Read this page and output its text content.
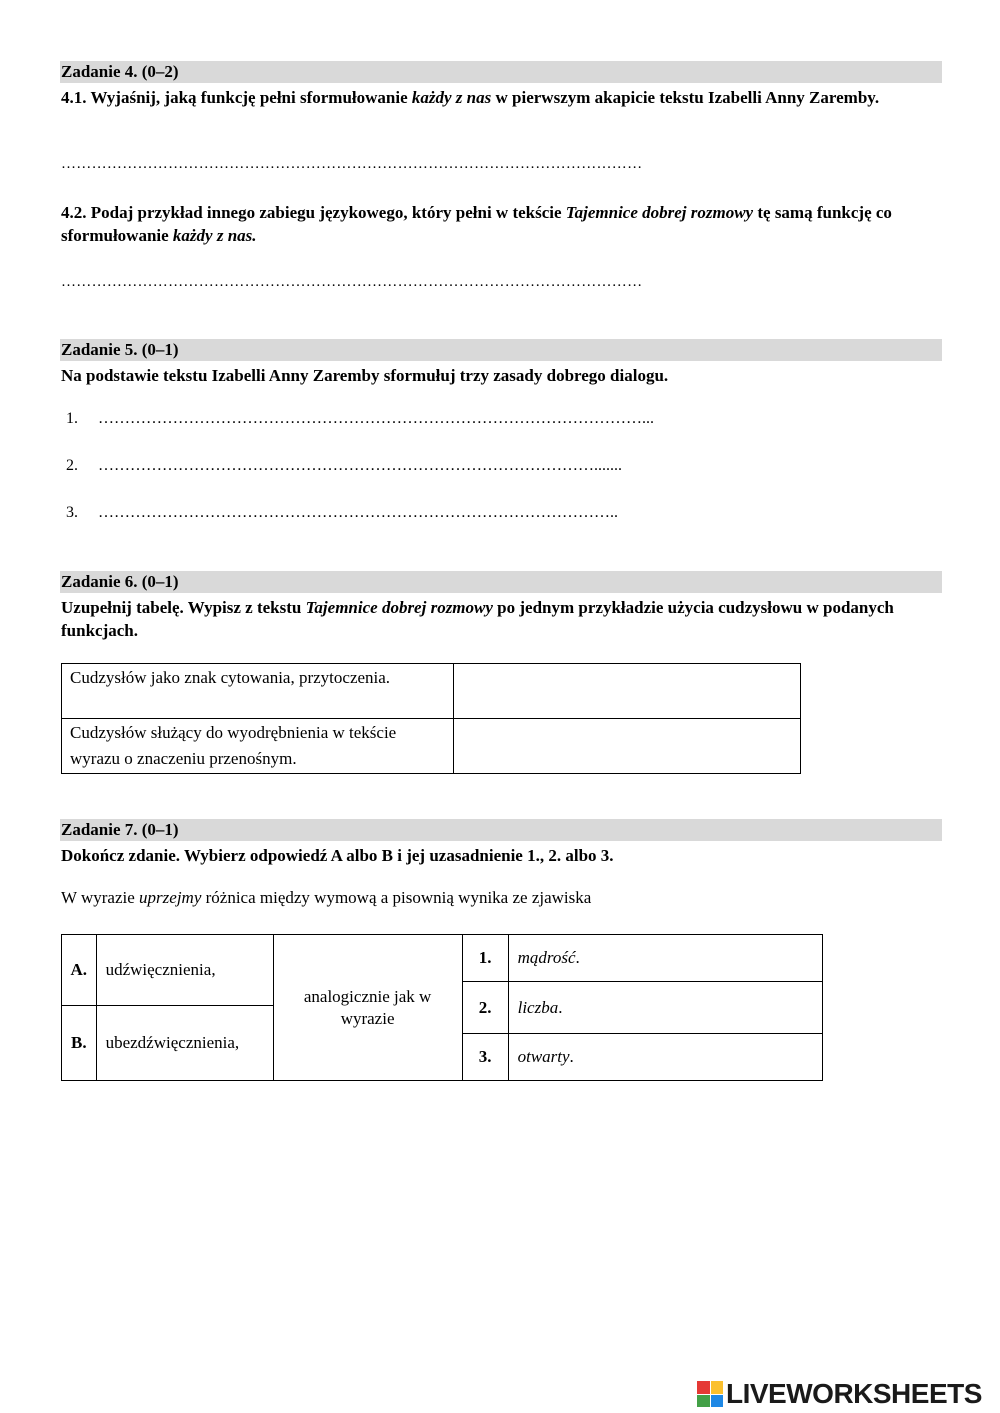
Zadanie 4. (0–2)
4.1. Wyjaśnij, jaką funkcję pełni sformułowanie każdy z nas w pierwszym akapicie tekstu Izabelli Anny Zaremby.
……………………………………………………………………………………………………
4.2. Podaj przykład innego zabiegu językowego, który pełni w tekście Tajemnice dobrej rozmowy tę samą funkcję co sformułowanie każdy z nas.
……………………………………………………………………………………………………
Zadanie 5. (0–1)
Na podstawie tekstu Izabelli Anny Zaremby sformułuj trzy zasady dobrego dialogu.
1. …………………………………………………………………………………………...
2. ………………………………………………………………………………….......
3. ……………………………………………………………………………………..
Zadanie 6. (0–1)
Uzupełnij tabelę. Wypisz z tekstu Tajemnice dobrej rozmowy po jednym przykładzie użycia cudzysłowu w podanych funkcjach.
Cudzysłów jako znak cytowania, przytoczenia.	
Cudzysłów służący do wyodrębnienia w tekście wyrazu o znaczeniu przenośnym.	
Zadanie 7. (0–1)
Dokończ zdanie. Wybierz odpowiedź A albo B i jej uzasadnienie 1., 2. albo 3.
W wyrazie uprzejmy różnica między wymową a pisownią wynika ze zjawiska
A.	udźwięcznienia,	analogicznie jak w wyrazie	1.	mądrość.
			2.	liczba.
B.	ubezdźwięcznienia,			
			3.	otwarty.
LIVEWORKSHEETS
